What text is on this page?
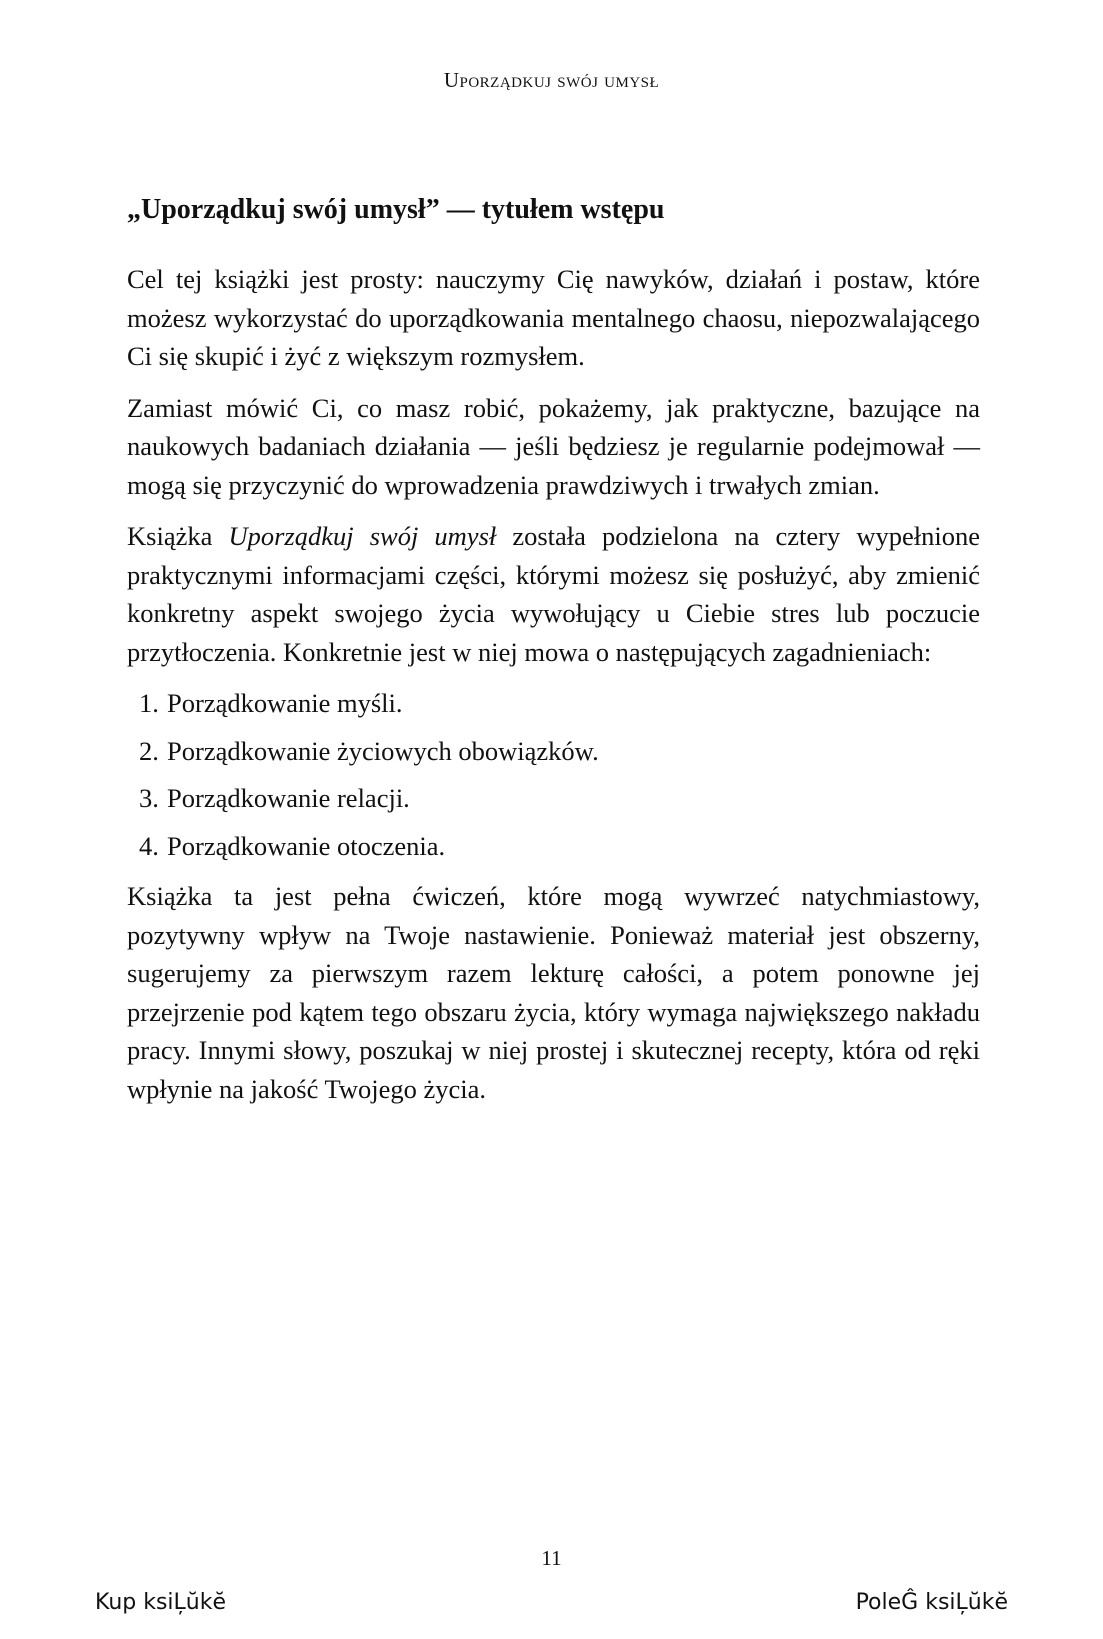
Uporządkuj swój umysł
„Uporządkuj swój umysł” — tytułem wstępu

Cel tej książki jest prosty: nauczymy Cię nawyków, działań i postaw, które możesz wykorzystać do uporządkowania mentalnego chaosu, niepozwalającego Ci się skupić i żyć z większym rozmysłem.

Zamiast mówić Ci, co masz robić, pokażemy, jak praktyczne, bazujące na naukowych badaniach działania — jeśli będziesz je regularnie podejmował — mogą się przyczynić do wprowadzenia prawdziwych i trwałych zmian.

Książka Uporządkuj swój umysł została podzielona na cztery wypełnione praktycznymi informacjami części, którymi możesz się posłużyć, aby zmienić konkretny aspekt swojego życia wywołujący u Ciebie stres lub poczucie przytłoczenia. Konkretnie jest w niej mowa o następujących zagadnieniach:

1. Porządkowanie myśli.
2. Porządkowanie życiowych obowiązków.
3. Porządkowanie relacji.
4. Porządkowanie otoczenia.

Książka ta jest pełna ćwiczeń, które mogą wywrzeć natychmiastowy, pozytywny wpływ na Twoje nastawienie. Ponieważ materiał jest obszerny, sugerujemy za pierwszym razem lekturę całości, a potem ponowne jej przejrzenie pod kątem tego obszaru życia, który wymaga największego nakładu pracy. Innymi słowy, poszukaj w niej prostej i skutecznej recepty, która od ręki wpłynie na jakość Twojego życia.

11
Kup ksiĻŭkĕ	PoleĜ ksiĻŭkĕ
